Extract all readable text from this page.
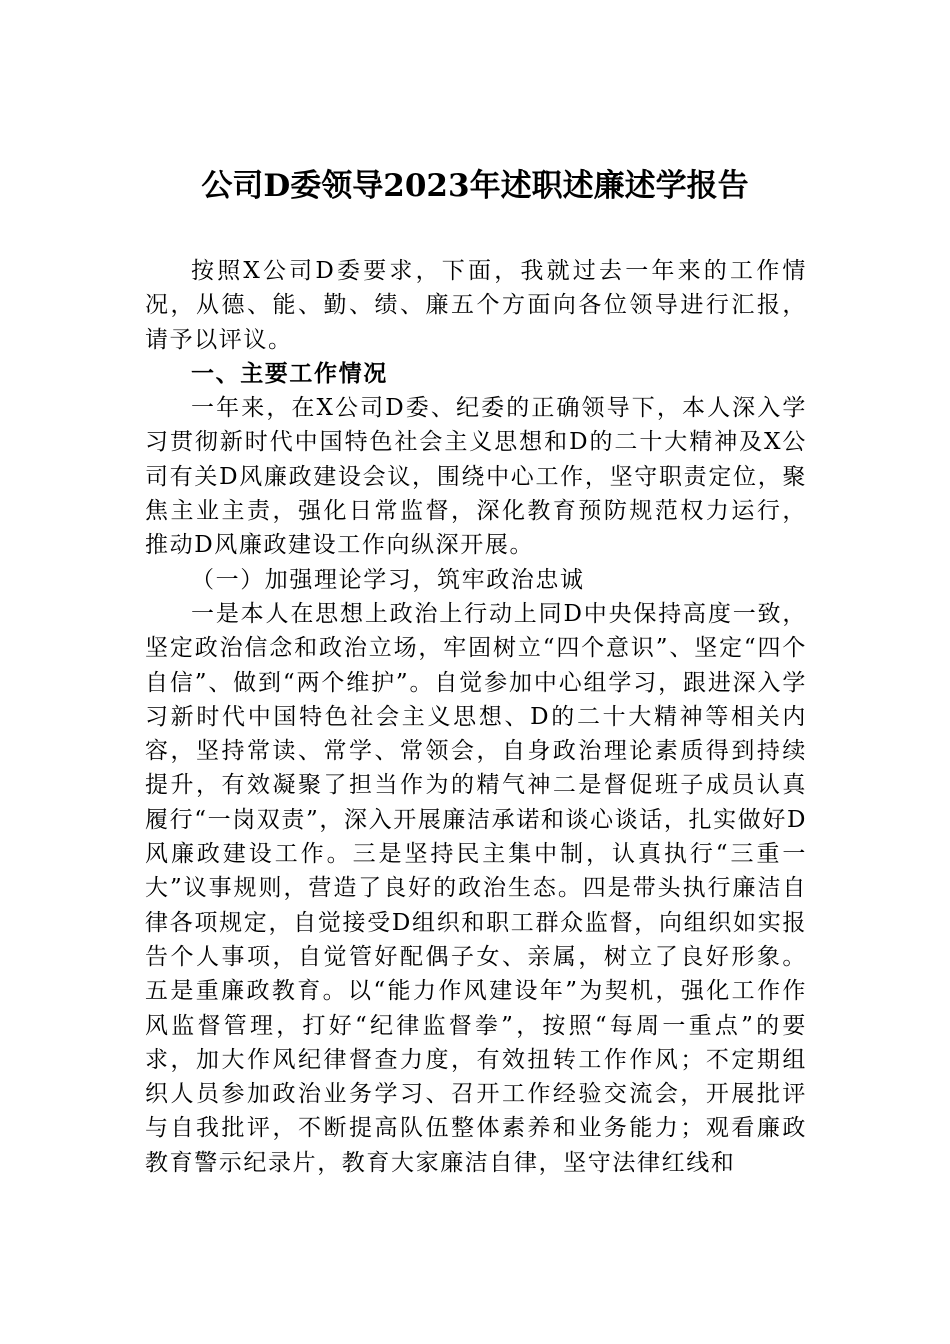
公司D委领导2023年述职述廉述学报告

按照X公司D委要求，下面，我就过去一年来的工作情况，从德、能、勤、绩、廉五个方面向各位领导进行汇报，请予以评议。

一、主要工作情况

一年来，在X公司D委、纪委的正确领导下，本人深入学习贯彻新时代中国特色社会主义思想和D的二十大精神及X公司有关D风廉政建设会议，围绕中心工作，坚守职责定位，聚焦主业主责，强化日常监督，深化教育预防规范权力运行，推动D风廉政建设工作向纵深开展。

（一）加强理论学习，筑牢政治忠诚

一是本人在思想上政治上行动上同D中央保持高度一致，坚定政治信念和政治立场，牢固树立“四个意识”、坚定“四个自信”、做到“两个维护”。自觉参加中心组学习，跟进深入学习新时代中国特色社会主义思想、D的二十大精神等相关内容，坚持常读、常学、常领会，自身政治理论素质得到持续提升，有效凝聚了担当作为的精气神二是督促班子成员认真履行“一岗双责”，深入开展廉洁承诺和谈心谈话，扎实做好D风廉政建设工作。三是坚持民主集中制，认真执行“三重一大”议事规则，营造了良好的政治生态。四是带头执行廉洁自律各项规定，自觉接受D组织和职工群众监督，向组织如实报告个人事项，自觉管好配偶子女、亲属，树立了良好形象。五是重廉政教育。以“能力作风建设年”为契机，强化工作作风监督管理，打好“纪律监督拳”，按照“每周一重点”的要求，加大作风纪律督查力度，有效扭转工作作风；不定期组织人员参加政治业务学习、召开工作经验交流会，开展批评与自我批评，不断提高队伍整体素养和业务能力；观看廉政教育警示纪录片，教育大家廉洁自律，坚守法律红线和
